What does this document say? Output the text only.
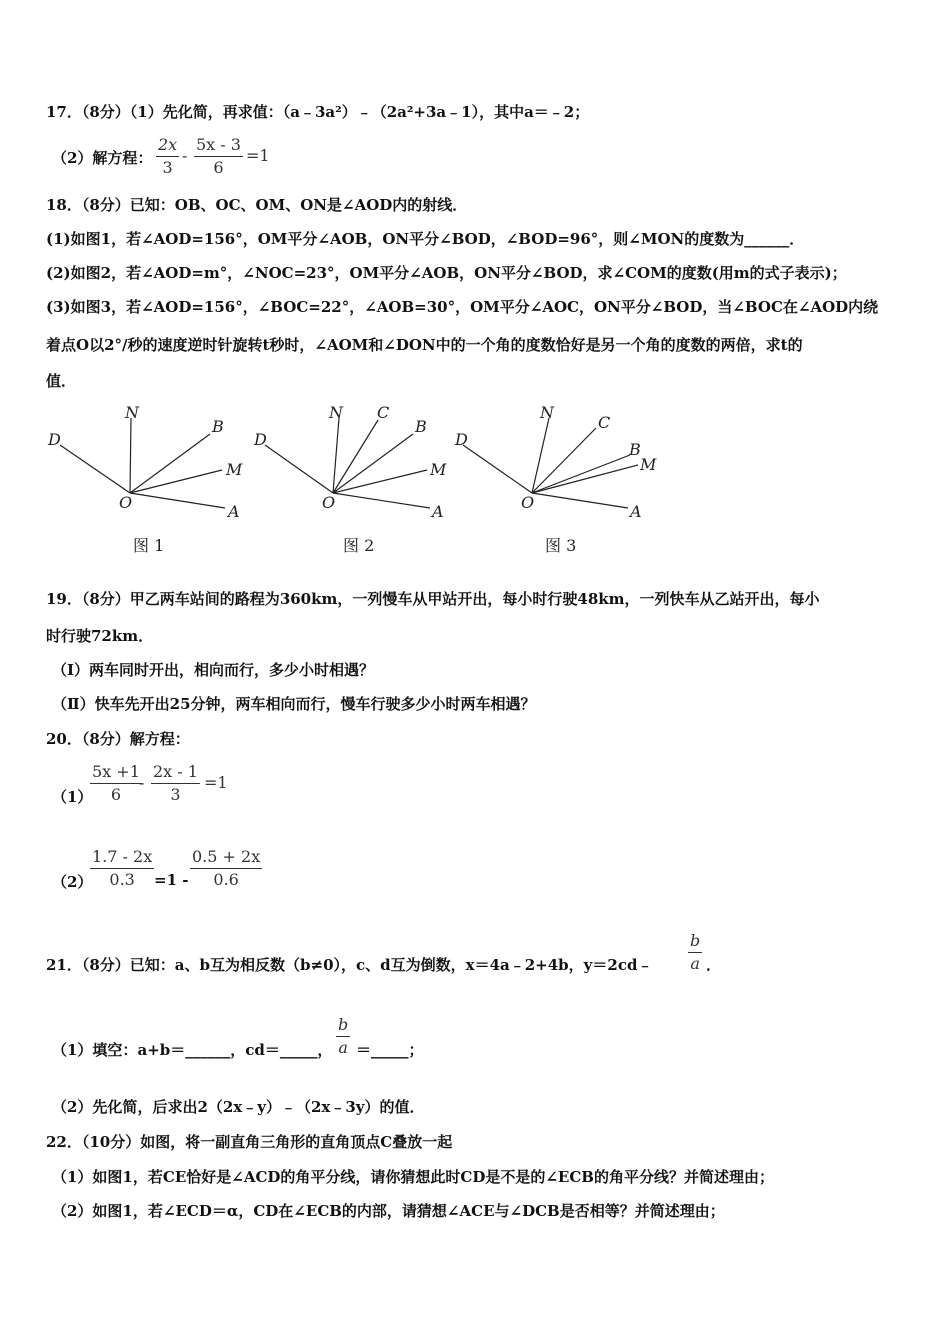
17．（8分）（1）先化简，再求值：（a﹣3a²）﹣（2a²+3a﹣1），其中a＝﹣2；
（2）解方程：
2x
3
-
5x - 3
6
=1
18．（8分）已知：OB、OC、OM、ON是∠AOD内的射线．
(1)如图1，若∠AOD=156°，OM平分∠AOB，ON平分∠BOD，∠BOD=96°，则∠MON的度数为______．
(2)如图2，若∠AOD=m°，∠NOC=23°，OM平分∠AOB，ON平分∠BOD，求∠COM的度数(用m的式子表示)；
(3)如图3，若∠AOD=156°，∠BOC=22°，∠AOB=30°，OM平分∠AOC，ON平分∠BOD，当∠BOC在∠AOD内绕
着点O以2°/秒的速度逆时针旋转t秒时，∠AOM和∠DON中的一个角的度数恰好是另一个角的度数的两倍，求t的
值．
D
N
B
M
O	A
D
N C
B
M
O	A
D
N
C
B
M
O	A
图 1	图 2	图 3
19．（8分）甲乙两车站间的路程为360km，一列慢车从甲站开出，每小时行驶48km，一列快车从乙站开出，每小
时行驶72km．
（Ⅰ）两车同时开出，相向而行，多少小时相遇？
（Ⅱ）快车先开出25分钟，两车相向而行，慢车行驶多少小时两车相遇？
20．（8分）解方程：
（1）
5x +1
6
-
2x - 1
3
=1
（2）
1.7 - 2x
0.3	=1 -
0.5 + 2x
0.6
21．（8分）已知：a、b互为相反数（b≠0），c、d互为倒数，x＝4a﹣2+4b，y＝2cd﹣
b
a ．
（1）填空：a+b＝______，cd＝_____，
b
a ＝_____；
（2）先化简，后求出2（2x﹣y）﹣（2x﹣3y）的值．
22．（10分）如图，将一副直角三角形的直角顶点C叠放一起
（1）如图1，若CE恰好是∠ACD的角平分线，请你猜想此时CD是不是的∠ECB的角平分线？并简述理由；
（2）如图1，若∠ECD＝α，CD在∠ECB的内部，请猜想∠ACE与∠DCB是否相等？并简述理由；
